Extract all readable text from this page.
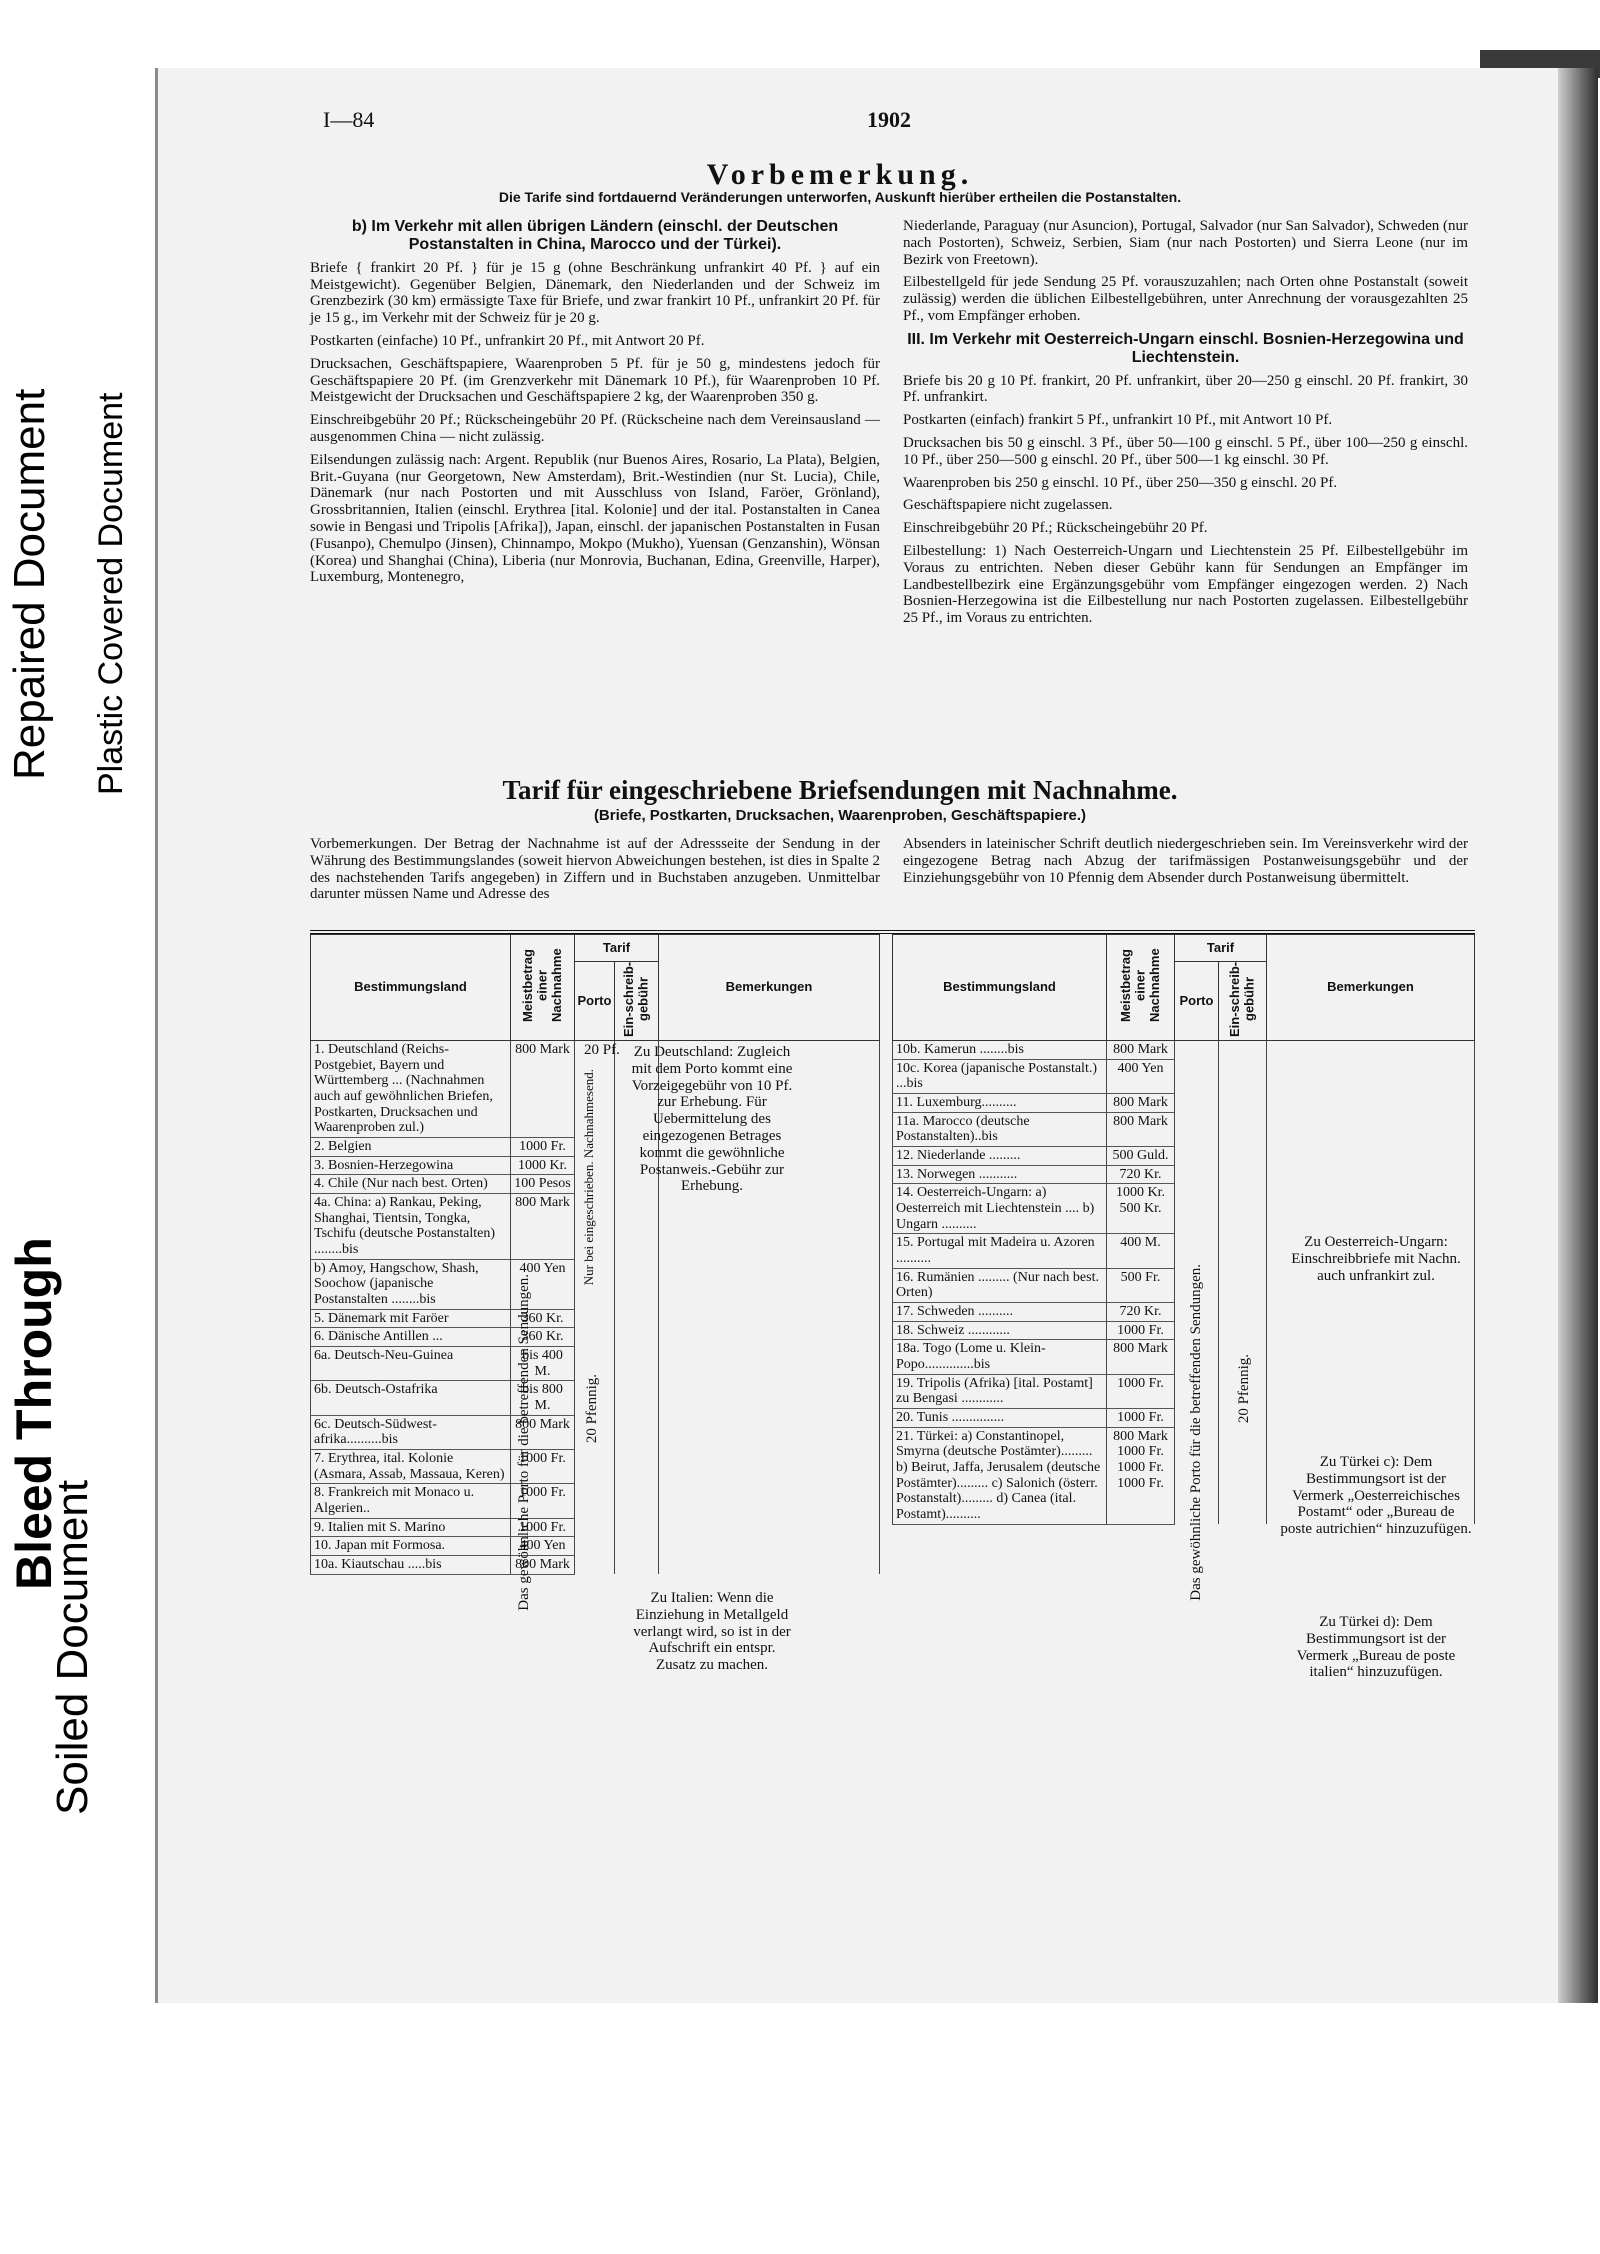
Bleed Through
Repaired Document
Soiled Document
Plastic Covered Document
I—84	1902
Vorbemerkung.
Die Tarife sind fortdauernd Veränderungen unterworfen, Auskunft hierüber ertheilen die Postanstalten.
b) Im Verkehr mit allen übrigen Ländern (einschl. der Deutschen Postanstalten in China, Marocco und der Türkei).

Briefe { frankirt 20 Pf. } für je 15 g (ohne Beschränkung unfrankirt 40 Pf. } auf ein Meistgewicht). Gegenüber Belgien, Dänemark, den Niederlanden und der Schweiz im Grenzbezirk (30 km) ermässigte Taxe für Briefe, und zwar frankirt 10 Pf., unfrankirt 20 Pf. für je 15 g., im Verkehr mit der Schweiz für je 20 g.

Postkarten (einfache) 10 Pf., unfrankirt 20 Pf., mit Antwort 20 Pf.

Drucksachen, Geschäftspapiere, Waarenproben 5 Pf. für je 50 g, mindestens jedoch für Geschäftspapiere 20 Pf. (im Grenzverkehr mit Dänemark 10 Pf.), für Waarenproben 10 Pf. Meistgewicht der Drucksachen und Geschäftspapiere 2 kg, der Waarenproben 350 g.

Einschreibgebühr 20 Pf.; Rückscheingebühr 20 Pf. (Rückscheine nach dem Vereinsausland — ausgenommen China — nicht zulässig.

Eilsendungen zulässig nach: Argent. Republik (nur Buenos Aires, Rosario, La Plata), Belgien, Brit.-Guyana (nur Georgetown, New Amsterdam), Brit.-Westindien (nur St. Lucia), Chile, Dänemark (nur nach Postorten und mit Ausschluss von Island, Faröer, Grönland), Grossbritannien, Italien (einschl. Erythrea [ital. Kolonie] und der ital. Postanstalten in Canea sowie in Bengasi und Tripolis [Afrika]), Japan, einschl. der japanischen Postanstalten in Fusan (Fusanpo), Chemulpo (Jinsen), Chinnampo, Mokpo (Mukho), Yuensan (Genzanshin), Wönsan (Korea) und Shanghai (China), Liberia (nur Monrovia, Buchanan, Edina, Greenville, Harper), Luxemburg, Montenegro,

Niederlande, Paraguay (nur Asuncion), Portugal, Salvador (nur San Salvador), Schweden (nur nach Postorten), Schweiz, Serbien, Siam (nur nach Postorten) und Sierra Leone (nur im Bezirk von Freetown).

Eilbestellgeld für jede Sendung 25 Pf. vorauszuzahlen; nach Orten ohne Postanstalt (soweit zulässig) werden die üblichen Eilbestellgebühren, unter Anrechnung der vorausgezahlten 25 Pf., vom Empfänger erhoben.

III. Im Verkehr mit Oesterreich-Ungarn einschl. Bosnien-Herzegowina und Liechtenstein.

Briefe bis 20 g 10 Pf. frankirt, 20 Pf. unfrankirt, über 20—250 g einschl. 20 Pf. frankirt, 30 Pf. unfrankirt.

Postkarten (einfach) frankirt 5 Pf., unfrankirt 10 Pf., mit Antwort 10 Pf.

Drucksachen bis 50 g einschl. 3 Pf., über 50—100 g einschl. 5 Pf., über 100—250 g einschl. 10 Pf., über 250—500 g einschl. 20 Pf., über 500—1 kg einschl. 30 Pf.

Waarenproben bis 250 g einschl. 10 Pf., über 250—350 g einschl. 20 Pf.

Geschäftspapiere nicht zugelassen.

Einschreibgebühr 20 Pf.; Rückscheingebühr 20 Pf.

Eilbestellung: 1) Nach Oesterreich-Ungarn und Liechtenstein 25 Pf. Eilbestellgebühr im Voraus zu entrichten. Neben dieser Gebühr kann für Sendungen an Empfänger im Landbestellbezirk eine Ergänzungsgebühr vom Empfänger eingezogen werden. 2) Nach Bosnien-Herzegowina ist die Eilbestellung nur nach Postorten zugelassen. Eilbestellgebühr 25 Pf., im Voraus zu entrichten.

Tarif für eingeschriebene Briefsendungen mit Nachnahme.
(Briefe, Postkarten, Drucksachen, Waarenproben, Geschäftspapiere.)
Vorbemerkungen. Der Betrag der Nachnahme ist auf der Adressseite der Sendung in der Währung des Bestimmungslandes (soweit hiervon Abweichungen bestehen, ist dies in Spalte 2 des nachstehenden Tarifs angegeben) in Ziffern und in Buchstaben anzugeben. Unmittelbar darunter müssen Name und Adresse des
Absenders in lateinischer Schrift deutlich niedergeschrieben sein. Im Vereinsverkehr wird der eingezogene Betrag nach Abzug der tarifmässigen Postanweisungsgebühr und der Einziehungsgebühr von 10 Pfennig dem Absender durch Postanweisung übermittelt.
Bestimmungsland	Meistbetrag einer Nachnahme	Tarif		Bemerkungen
		Porto	Ein-schreib-gebühr	
1. Deutschland (Reichs-Postgebiet, Bayern und Württemberg ... (Nachnahmen auch auf gewöhnlichen Briefen, Postkarten, Drucksachen und Waarenproben zul.)	800 Mark			
2. Belgien	1000 Fr.			
3. Bosnien-Herzegowina	1000 Kr.			
4. Chile (Nur nach best. Orten)	100 Pesos			
4a. China: a) Rankau, Peking, Shanghai, Tientsin, Tongka, Tschifu (deutsche Postanstalten) ........bis	800 Mark			
b) Amoy, Hangschow, Shash, Soochow (japanische Postanstalten ........bis	400 Yen			
5. Dänemark mit Faröer	360 Kr.			
6. Dänische Antillen ...	360 Kr.			
6a. Deutsch-Neu-Guinea	bis 400 M.			
6b. Deutsch-Ostafrika	bis 800 M.			
6c. Deutsch-Südwest-afrika..........bis	800 Mark			
7. Erythrea, ital. Kolonie (Asmara, Assab, Massaua, Keren)	1000 Fr.			
8. Frankreich mit Monaco u. Algerien..	1000 Fr.			
9. Italien mit S. Marino	1000 Fr.			
10. Japan mit Formosa.	400 Yen			
10a. Kiautschau .....bis	800 Mark			
Das gewöhnliche Porto für die betreffenden Sendungen.
20 Pf.
Nur bei eingeschrieben. Nachnahmesend.
20 Pfennig.
Zu Deutschland: Zugleich mit dem Porto kommt eine Vorzeigegebühr von 10 Pf. zur Erhebung. Für Uebermittelung des eingezogenen Betrages kommt die gewöhnliche Postanweis.-Gebühr zur Erhebung.
Zu Italien: Wenn die Einziehung in Metallgeld verlangt wird, so ist in der Aufschrift ein entspr. Zusatz zu machen.
Bestimmungsland	Meistbetrag einer Nachnahme	Tarif		Bemerkungen
		Porto	Ein-schreib-gebühr	
10b. Kamerun ........bis	800 Mark			
10c. Korea (japanische Postanstalt.) ...bis	400 Yen			
11. Luxemburg..........	800 Mark			
11a. Marocco (deutsche Postanstalten)..bis	800 Mark			
12. Niederlande .........	500 Guld.			
13. Norwegen ...........	720 Kr.			
14. Oesterreich-Ungarn: a) Oesterreich mit Liechtenstein .... b) Ungarn ..........	1000 Kr. 500 Kr.			
15. Portugal mit Madeira u. Azoren ..........	400 M.			
16. Rumänien ......... (Nur nach best. Orten)	500 Fr.			
17. Schweden ..........	720 Kr.			
18. Schweiz ............	1000 Fr.			
18a. Togo (Lome u. Klein-Popo..............bis	800 Mark			
19. Tripolis (Afrika) [ital. Postamt] zu Bengasi ............	1000 Fr.			
20. Tunis ...............	1000 Fr.			
21. Türkei: a) Constantinopel, Smyrna (deutsche Postämter)......... b) Beirut, Jaffa, Jerusalem (deutsche Postämter)......... c) Salonich (österr. Postanstalt)......... d) Canea (ital. Postamt)..........	800 Mark 1000 Fr. 1000 Fr. 1000 Fr.			Das gewöhnliche Porto für die betreffenden Sendungen. 20 Pfennig.
Zu Oesterreich-Ungarn: Einschreibbriefe mit Nachn. auch unfrankirt zul.
Zu Türkei c): Dem Bestimmungsort ist der Vermerk „Oesterreichisches Postamt“ oder „Bureau de poste autrichien“ hinzuzufügen.
Zu Türkei d): Dem Bestimmungsort ist der Vermerk „Bureau de poste italien“ hinzuzufügen.
